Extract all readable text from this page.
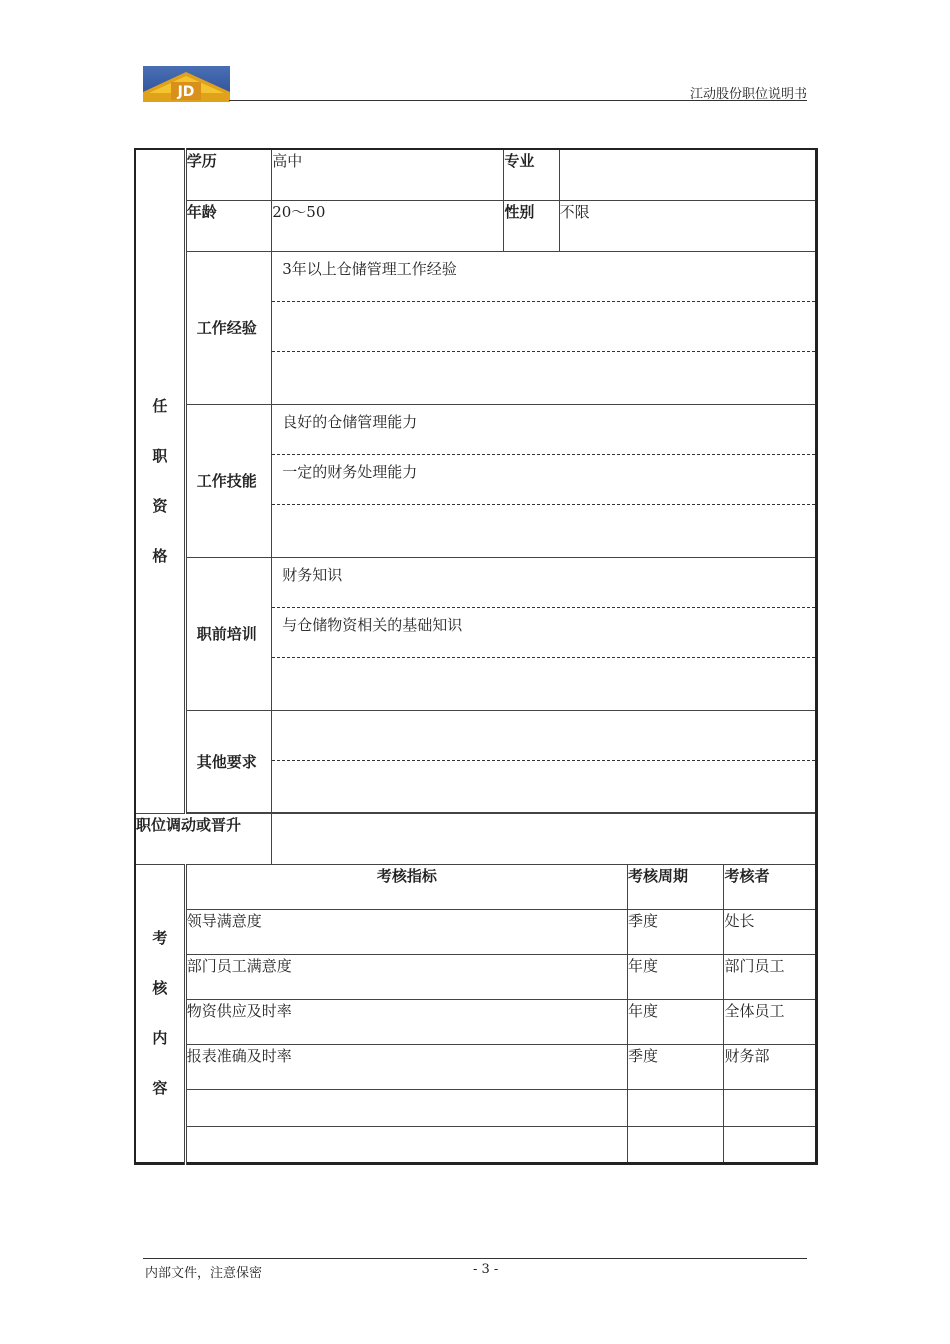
JD	江动股份职位说明书
任
职
资
格	学历	高中	专业			
	年龄	20～50	性别	不限		
	工作经验	3年以上仓储管理工作经验				

	工作技能	良好的仓储管理能力
一定的财务处理能力				

	职前培训	财务知识
与仓储物资相关的基础知识				

	其他要求					

职位调动或晋升						

考
核
内
容	考核指标				考核周期	考核者
	领导满意度				季度	处长
	部门员工满意度				年度	部门员工
	物资供应及时率				年度	全体员工
	报表准确及时率				季度	财务部

内部文件，注意保密	- 3 -
